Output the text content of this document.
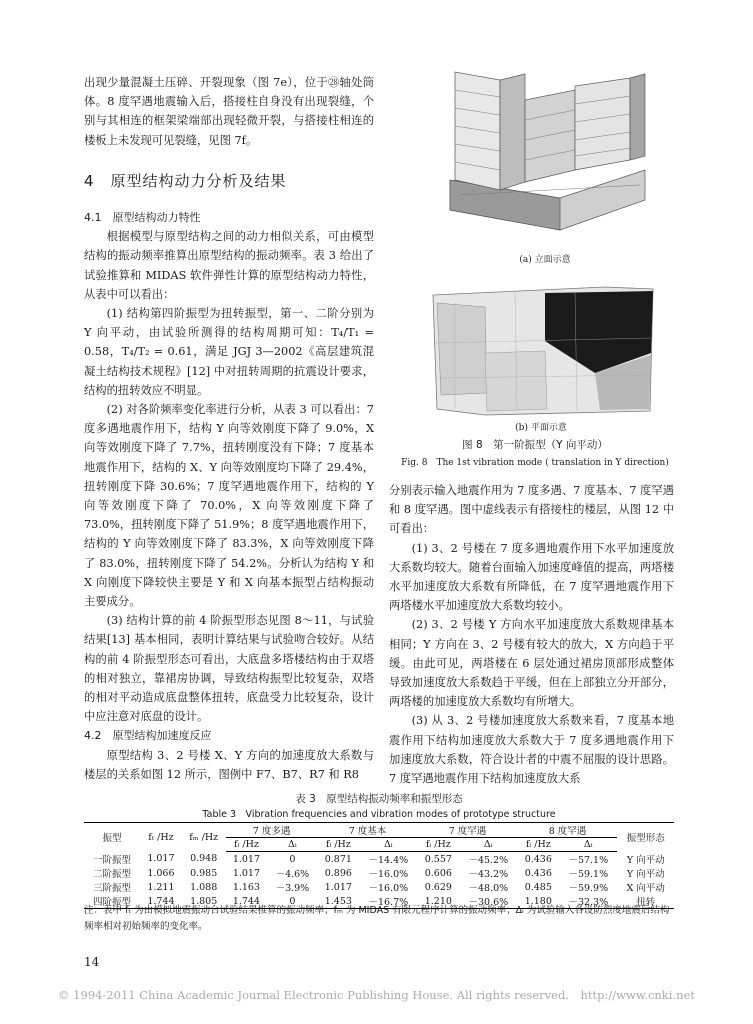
出现少量混凝土压碎、开裂现象（图 7e），位于㉘轴处筒体。8 度罕遇地震输入后，搭接柱自身没有出现裂缝，个别与其相连的框架梁端部出现轻微开裂，与搭接柱相连的楼板上未发现可见裂缝，见图 7f。

4　原型结构动力分析及结果

4.1　原型结构动力特性

根据模型与原型结构之间的动力相似关系，可由模型结构的振动频率推算出原型结构的振动频率。表 3 给出了试验推算和 MIDAS 软件弹性计算的原型结构动力特性，从表中可以看出：

(1) 结构第四阶振型为扭转振型，第一、二阶分别为 Y 向平动，由试验所测得的结构周期可知：T₄/T₁ = 0.58，T₄/T₂ = 0.61，满足 JGJ 3—2002《高层建筑混凝土结构技术规程》[12] 中对扭转周期的抗震设计要求，结构的扭转效应不明显。

(2) 对各阶频率变化率进行分析，从表 3 可以看出：7 度多遇地震作用下，结构 Y 向等效刚度下降了 9.0%，X 向等效刚度下降了 7.7%，扭转刚度没有下降；7 度基本地震作用下，结构的 X、Y 向等效刚度均下降了 29.4%，扭转刚度下降 30.6%；7 度罕遇地震作用下，结构的 Y 向等效刚度下降了 70.0%，X 向等效刚度下降了 73.0%，扭转刚度下降了 51.9%；8 度罕遇地震作用下，结构的 Y 向等效刚度下降了 83.3%，X 向等效刚度下降了 83.0%，扭转刚度下降了 54.2%。分析认为结构 Y 和 X 向刚度下降较快主要是 Y 和 X 向基本振型占结构振动主要成分。

(3) 结构计算的前 4 阶振型形态见图 8～11，与试验结果[13] 基本相同，表明计算结果与试验吻合较好。从结构的前 4 阶振型形态可看出，大底盘多塔楼结构由于双塔的相对独立，靠裙房协调，导致结构振型比较复杂，双塔的相对平动造成底盘整体扭转，底盘受力比较复杂，设计中应注意对底盘的设计。

4.2　原型结构加速度反应

原型结构 3、2 号楼 X、Y 方向的加速度放大系数与楼层的关系如图 12 所示，图例中 F7、B7、R7 和 R8

(a) 立面示意
(b) 平面示意
图 8　第一阶振型（Y 向平动）
Fig. 8　The 1st vibration mode ( translation in Y direction)

分别表示输入地震作用为 7 度多遇、7 度基本、7 度罕遇和 8 度罕遇。图中虚线表示有搭接柱的楼层，从图 12 中可看出：

(1) 3、2 号楼在 7 度多遇地震作用下水平加速度放大系数均较大。随着台面输入加速度峰值的提高，两塔楼水平加速度放大系数有所降低，在 7 度罕遇地震作用下两塔楼水平加速度放大系数均较小。

(2) 3、2 号楼 Y 方向水平加速度放大系数规律基本相同；Y 方向在 3、2 号楼有较大的放大，X 方向趋于平缓。由此可见，两塔楼在 6 层处通过裙房顶部形成整体导致加速度放大系数趋于平缓，但在上部独立分开部分，两塔楼的加速度放大系数均有所增大。

(3) 从 3、2 号楼加速度放大系数来看，7 度基本地震作用下结构加速度放大系数大于 7 度多遇地震作用下加速度放大系数，符合设计者的中震不屈服的设计思路。7 度罕遇地震作用下结构加速度放大系

表 3　原型结构振动频率和振型形态
Table 3　Vibration frequencies and vibration modes of prototype structure
振型	fₜ /Hz	fₘ /Hz	7 度多遇		7 度基本		7 度罕遇		8 度罕遇		振型形态
			fᵢ /Hz	Δᵢ	fᵢ /Hz	Δᵢ	fᵢ /Hz	Δᵢ	fᵢ /Hz	Δᵢ	
一阶振型	1.017	0.948	1.017	0	0.871	－14.4%	0.557	－45.2%	0.436	－57.1%	Y 向平动
二阶振型	1.066	0.985	1.017	－4.6%	0.896	－16.0%	0.606	－43.2%	0.436	－59.1%	Y 向平动
三阶振型	1.211	1.088	1.163	－3.9%	1.017	－16.0%	0.629	－48.0%	0.485	－59.9%	X 向平动
四阶振型	1.744	1.805	1.744	0	1.453	－16.7%	1.210	－30.6%	1.180	－32.3%	扭转
注：表中 fₜ 为由模拟地震振动台试验结果推算的振动频率；fₘ 为 MIDAS 有限元程序计算的振动频率；Δᵢ 为试验输入各设防烈度地震后结构频率相对初始频率的变化率。
14
© 1994-2011 China Academic Journal Electronic Publishing House. All rights reserved.　http://www.cnki.net
